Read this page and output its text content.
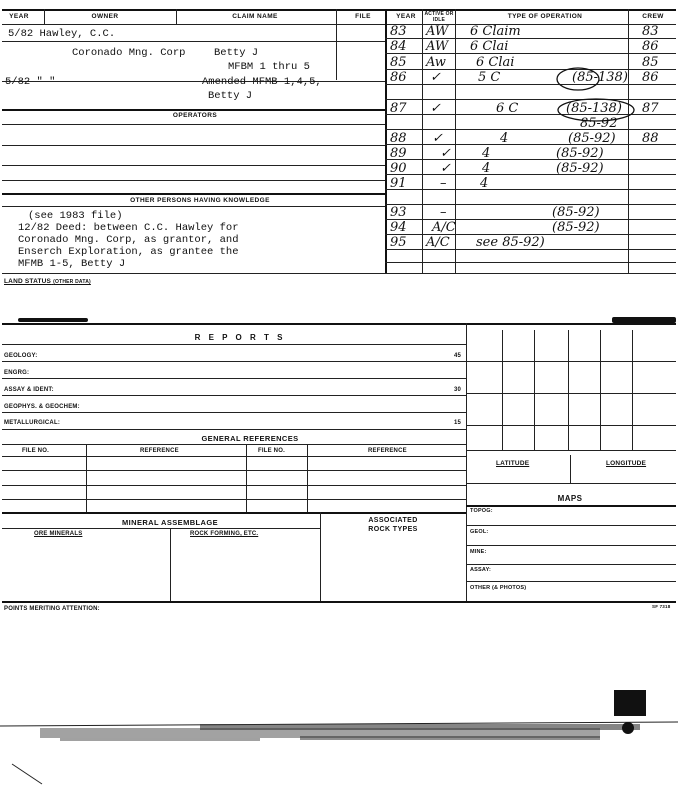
YEAR	OWNER	CLAIM NAME	FILE	YEAR	ACTIVE OR IDLE	TYPE OF OPERATION	CREW
5/82 Hawley, C.C.
Coronado Mng. Corp	Betty J
MFBM 1 thru 5
5/82 " "	Amended MFMB 1,4,5,
Betty J
OPERATORS
OTHER PERSONS HAVING KNOWLEDGE
(see 1983 file)
12/82 Deed: between C.C. Hawley for
Coronado Mng. Corp, as grantor, and
Enserch Exploration, as grantee the
MFMB 1-5, Betty J
83 AW 6 Claim	83
84 AW 6 Clai	86
85 Aw 6 Clai	85
86 ✓	5 C	(85-138) 86
87 ✓	6 C	(85-138) 87
85-92
88 ✓	4	(85-92) 88
89	✓ 4	(85-92)
90	✓ 4	(85-92)
91	–	4
93	–	(85-92)
94 A/C	(85-92)
95 A/C see 85-92)
LAND STATUS (OTHER DATA)
R E P O R T S
GEOLOGY:	45
ENGRG:
ASSAY & IDENT:	30
GEOPHYS. & GEOCHEM:
METALLURGICAL:	15
GENERAL REFERENCES
FILE NO.	REFERENCE	FILE NO.	REFERENCE
MINERAL ASSEMBLAGE
ORE MINERALS	ROCK FORMING, ETC.
ASSOCIATED
ROCK TYPES
LATITUDE	LONGITUDE
MAPS
TOPOG:
GEOL:
MINE:
ASSAY:
OTHER (& PHOTOS)
POINTS MERITING ATTENTION:	SF 7318
